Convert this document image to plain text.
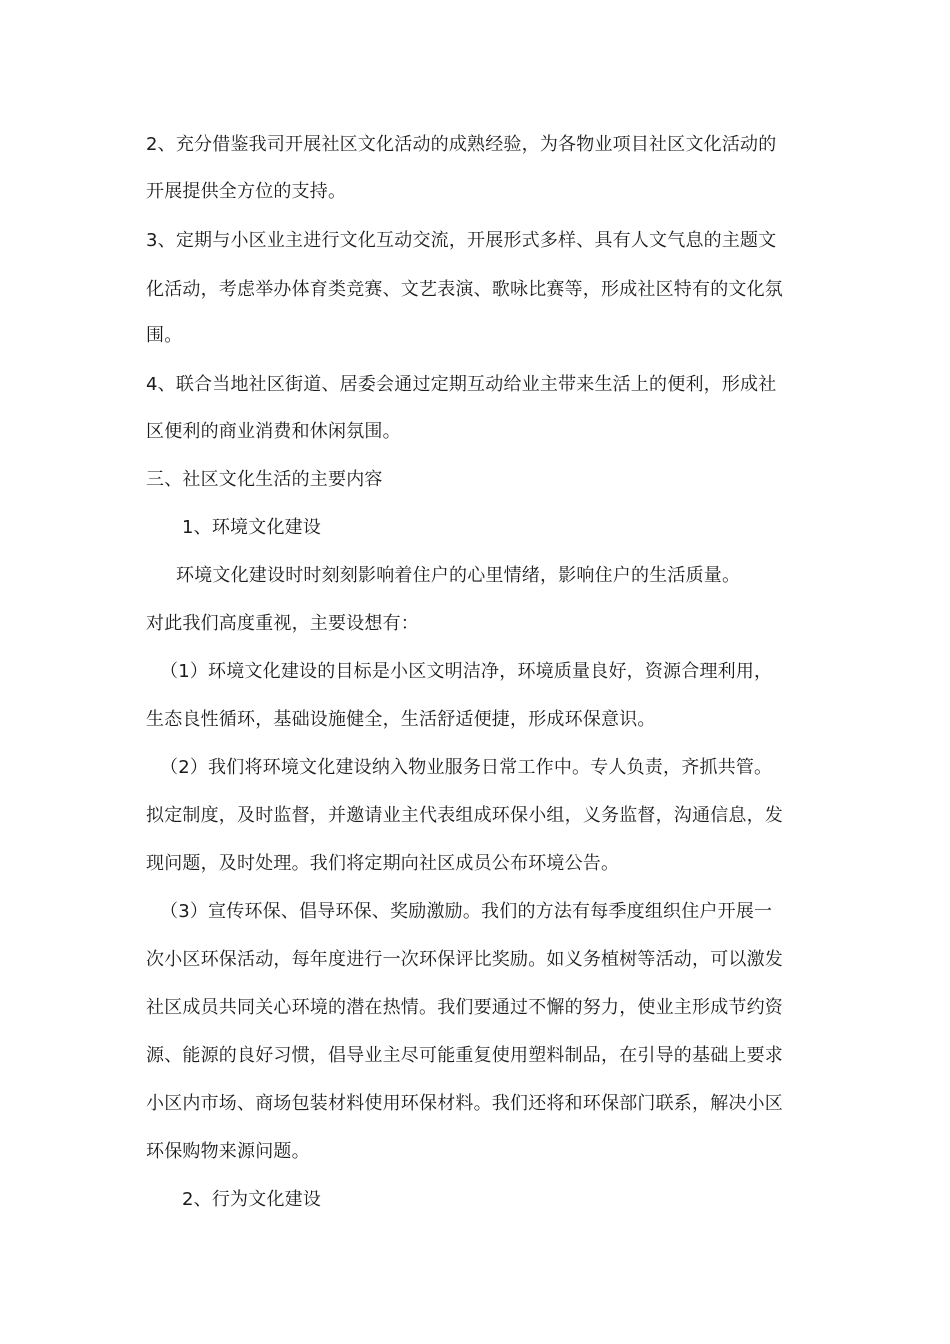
2、充分借鉴我司开展社区文化活动的成熟经验，为各物业项目社区文化活动的
开展提供全方位的支持。
3、定期与小区业主进行文化互动交流，开展形式多样、具有人文气息的主题文
化活动，考虑举办体育类竞赛、文艺表演、歌咏比赛等，形成社区特有的文化氛
围。
4、联合当地社区街道、居委会通过定期互动给业主带来生活上的便利，形成社
区便利的商业消费和休闲氛围。
三、社区文化生活的主要内容
1、环境文化建设
环境文化建设时时刻刻影响着住户的心里情绪，影响住户的生活质量。
对此我们高度重视，主要设想有：
（1）环境文化建设的目标是小区文明洁净，环境质量良好，资源合理利用，
生态良性循环，基础设施健全，生活舒适便捷，形成环保意识。
（2）我们将环境文化建设纳入物业服务日常工作中。专人负责，齐抓共管。
拟定制度，及时监督，并邀请业主代表组成环保小组，义务监督，沟通信息，发
现问题，及时处理。我们将定期向社区成员公布环境公告。
（3）宣传环保、倡导环保、奖励激励。我们的方法有每季度组织住户开展一
次小区环保活动，每年度进行一次环保评比奖励。如义务植树等活动，可以激发
社区成员共同关心环境的潜在热情。我们要通过不懈的努力，使业主形成节约资
源、能源的良好习惯，倡导业主尽可能重复使用塑料制品，在引导的基础上要求
小区内市场、商场包装材料使用环保材料。我们还将和环保部门联系，解决小区
环保购物来源问题。
2、行为文化建设
